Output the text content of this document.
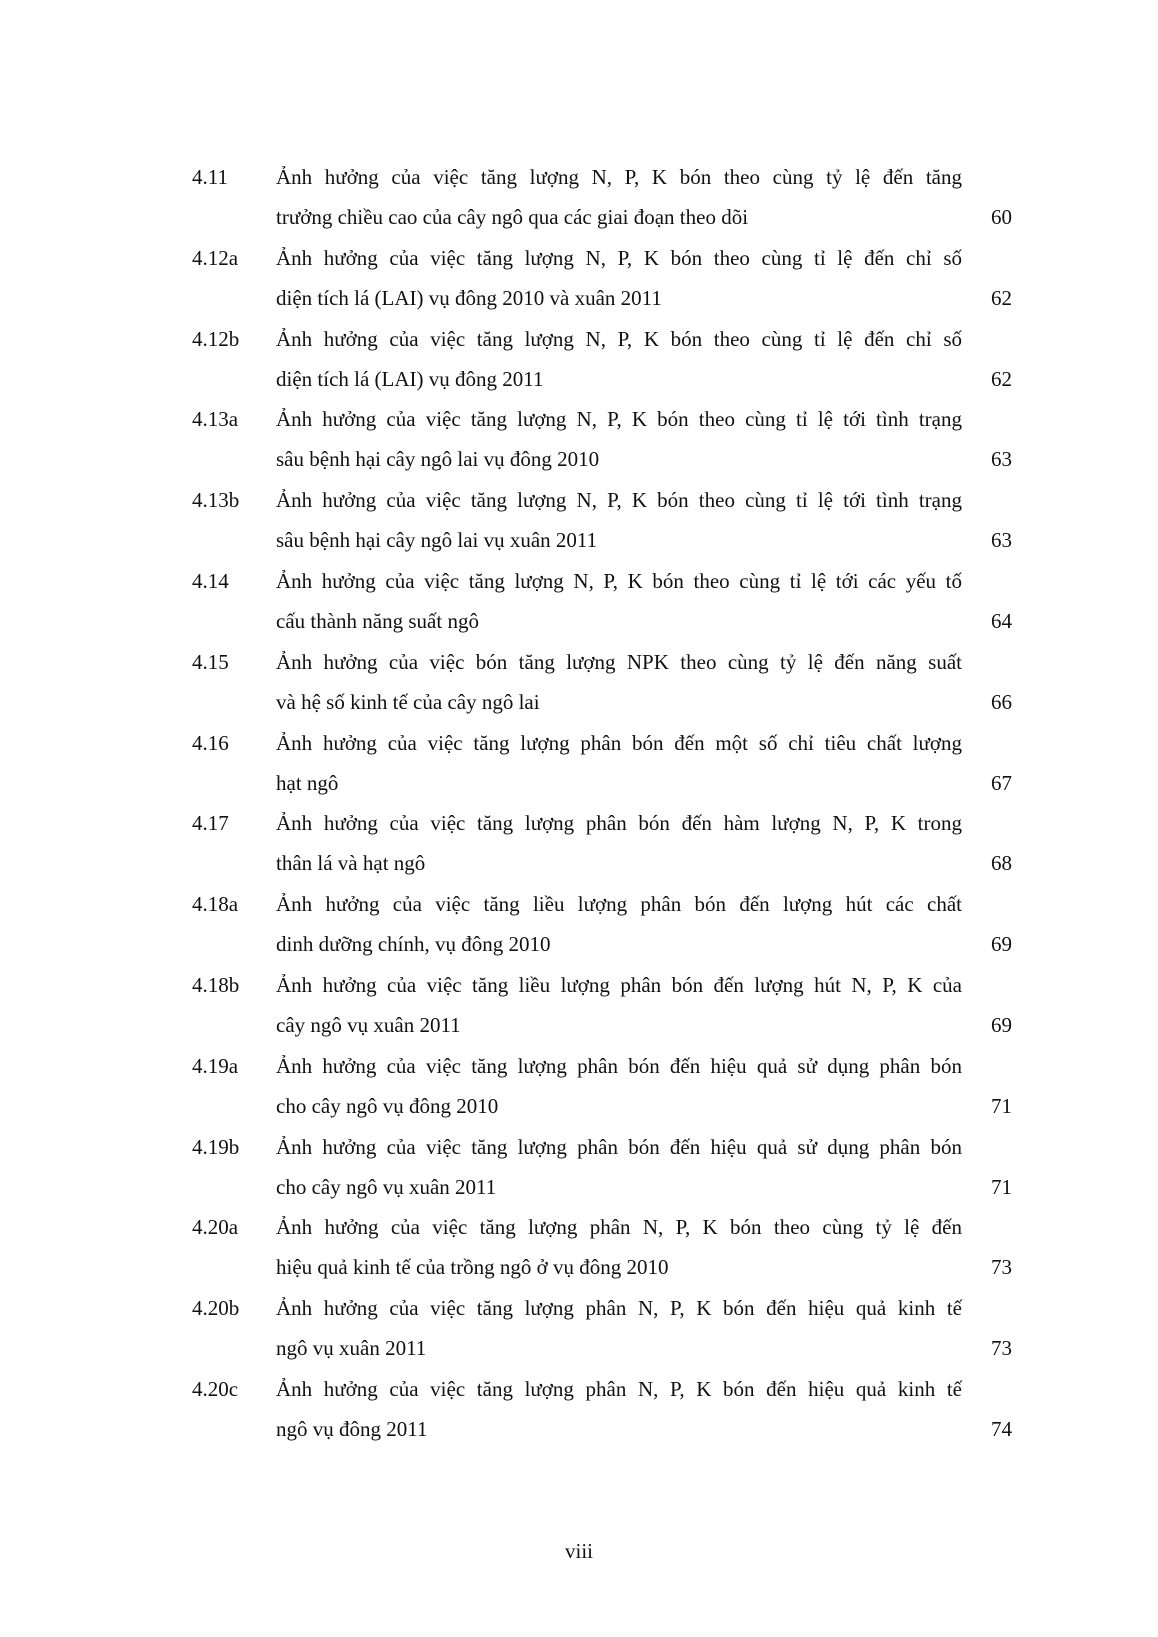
4.11 Ảnh hưởng của việc tăng lượng N, P, K bón theo cùng tỷ lệ đến tăng
trưởng chiều cao của cây ngô qua các giai đoạn theo dõi	60
4.12a Ảnh hưởng của việc tăng lượng N, P, K bón theo cùng tỉ lệ đến chỉ số
diện tích lá (LAI) vụ đông 2010 và xuân 2011	62
4.12b Ảnh hưởng của việc tăng lượng N, P, K bón theo cùng tỉ lệ đến chỉ số
diện tích lá (LAI) vụ đông 2011	62
4.13a Ảnh hưởng của việc tăng lượng N, P, K bón theo cùng tỉ lệ tới tình trạng
sâu bệnh hại cây ngô lai vụ đông 2010	63
4.13b Ảnh hưởng của việc tăng lượng N, P, K bón theo cùng tỉ lệ tới tình trạng
sâu bệnh hại cây ngô lai vụ xuân 2011	63
4.14 Ảnh hưởng của việc tăng lượng N, P, K bón theo cùng tỉ lệ tới các yếu tố
cấu thành năng suất ngô	64
4.15 Ảnh hưởng của việc bón tăng lượng NPK theo cùng tỷ lệ đến năng suất
và hệ số kinh tế của cây ngô lai	66
4.16 Ảnh hưởng của việc tăng lượng phân bón đến một số chỉ tiêu chất lượng
hạt ngô	67
4.17 Ảnh hưởng của việc tăng lượng phân bón đến hàm lượng N, P, K trong
thân lá và hạt ngô	68
4.18a Ảnh hưởng của việc tăng liều lượng phân bón đến lượng hút các chất
dinh dưỡng chính, vụ đông 2010	69
4.18b Ảnh hưởng của việc tăng liều lượng phân bón đến lượng hút N, P, K của
cây ngô vụ xuân 2011	69
4.19a Ảnh hưởng của việc tăng lượng phân bón đến hiệu quả sử dụng phân bón
cho cây ngô vụ đông 2010	71
4.19b Ảnh hưởng của việc tăng lượng phân bón đến hiệu quả sử dụng phân bón
cho cây ngô vụ xuân 2011	71
4.20a Ảnh hưởng của việc tăng lượng phân N, P, K bón theo cùng tỷ lệ đến
hiệu quả kinh tế của trồng ngô ở vụ đông 2010	73
4.20b Ảnh hưởng của việc tăng lượng phân N, P, K bón đến hiệu quả kinh tế
ngô vụ xuân 2011	73
4.20c Ảnh hưởng của việc tăng lượng phân N, P, K bón đến hiệu quả kinh tế
ngô vụ đông 2011	74
viii
